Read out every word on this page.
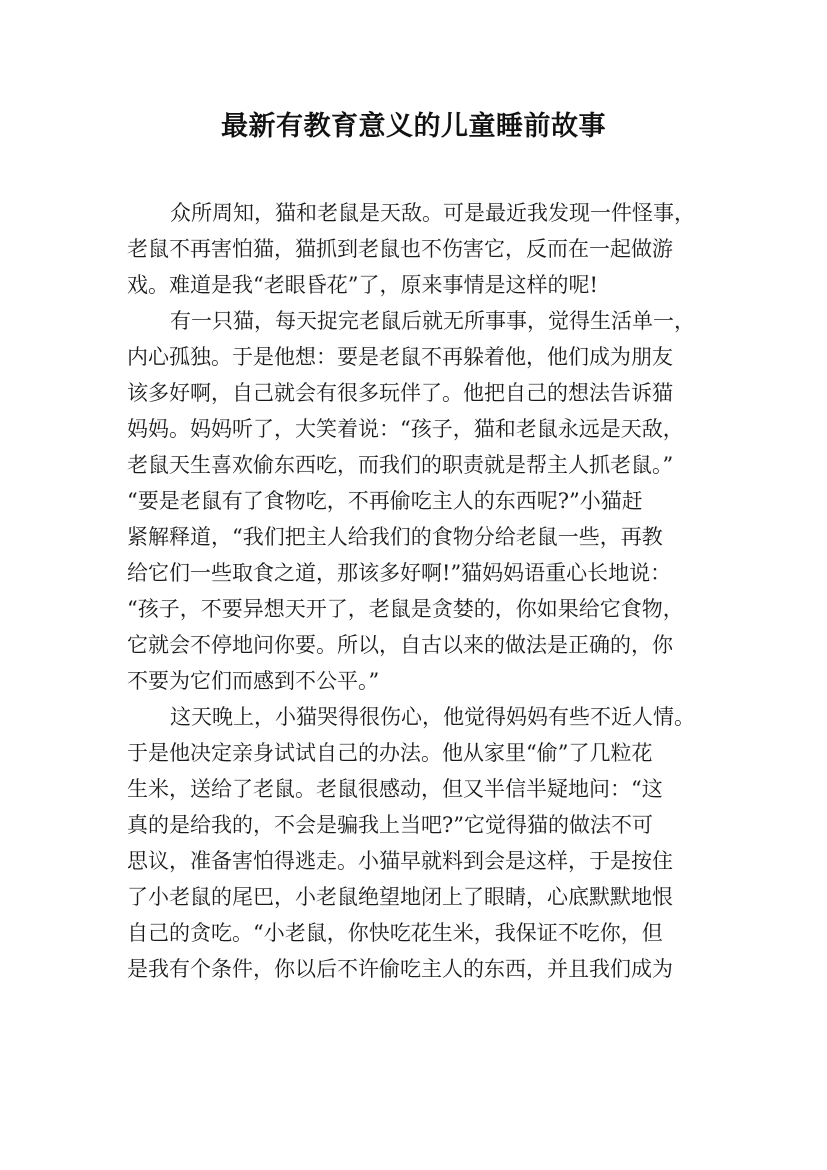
最新有教育意义的儿童睡前故事
众所周知，猫和老鼠是天敌。可是最近我发现一件怪事，
老鼠不再害怕猫，猫抓到老鼠也不伤害它，反而在一起做游
戏。难道是我“老眼昏花”了，原来事情是这样的呢!
有一只猫，每天捉完老鼠后就无所事事，觉得生活单一，
内心孤独。于是他想：要是老鼠不再躲着他，他们成为朋友
该多好啊，自己就会有很多玩伴了。他把自己的想法告诉猫
妈妈。妈妈听了，大笑着说：“孩子，猫和老鼠永远是天敌，
老鼠天生喜欢偷东西吃，而我们的职责就是帮主人抓老鼠。”
“要是老鼠有了食物吃，不再偷吃主人的东西呢?”小猫赶
紧解释道，“我们把主人给我们的食物分给老鼠一些，再教
给它们一些取食之道，那该多好啊!”猫妈妈语重心长地说：
“孩子，不要异想天开了，老鼠是贪婪的，你如果给它食物，
它就会不停地问你要。所以，自古以来的做法是正确的，你
不要为它们而感到不公平。”
这天晚上，小猫哭得很伤心，他觉得妈妈有些不近人情。
于是他决定亲身试试自己的办法。他从家里“偷”了几粒花
生米，送给了老鼠。老鼠很感动，但又半信半疑地问：“这
真的是给我的，不会是骗我上当吧?”它觉得猫的做法不可
思议，准备害怕得逃走。小猫早就料到会是这样，于是按住
了小老鼠的尾巴，小老鼠绝望地闭上了眼睛，心底默默地恨
自己的贪吃。“小老鼠，你快吃花生米，我保证不吃你，但
是我有个条件，你以后不许偷吃主人的东西，并且我们成为
